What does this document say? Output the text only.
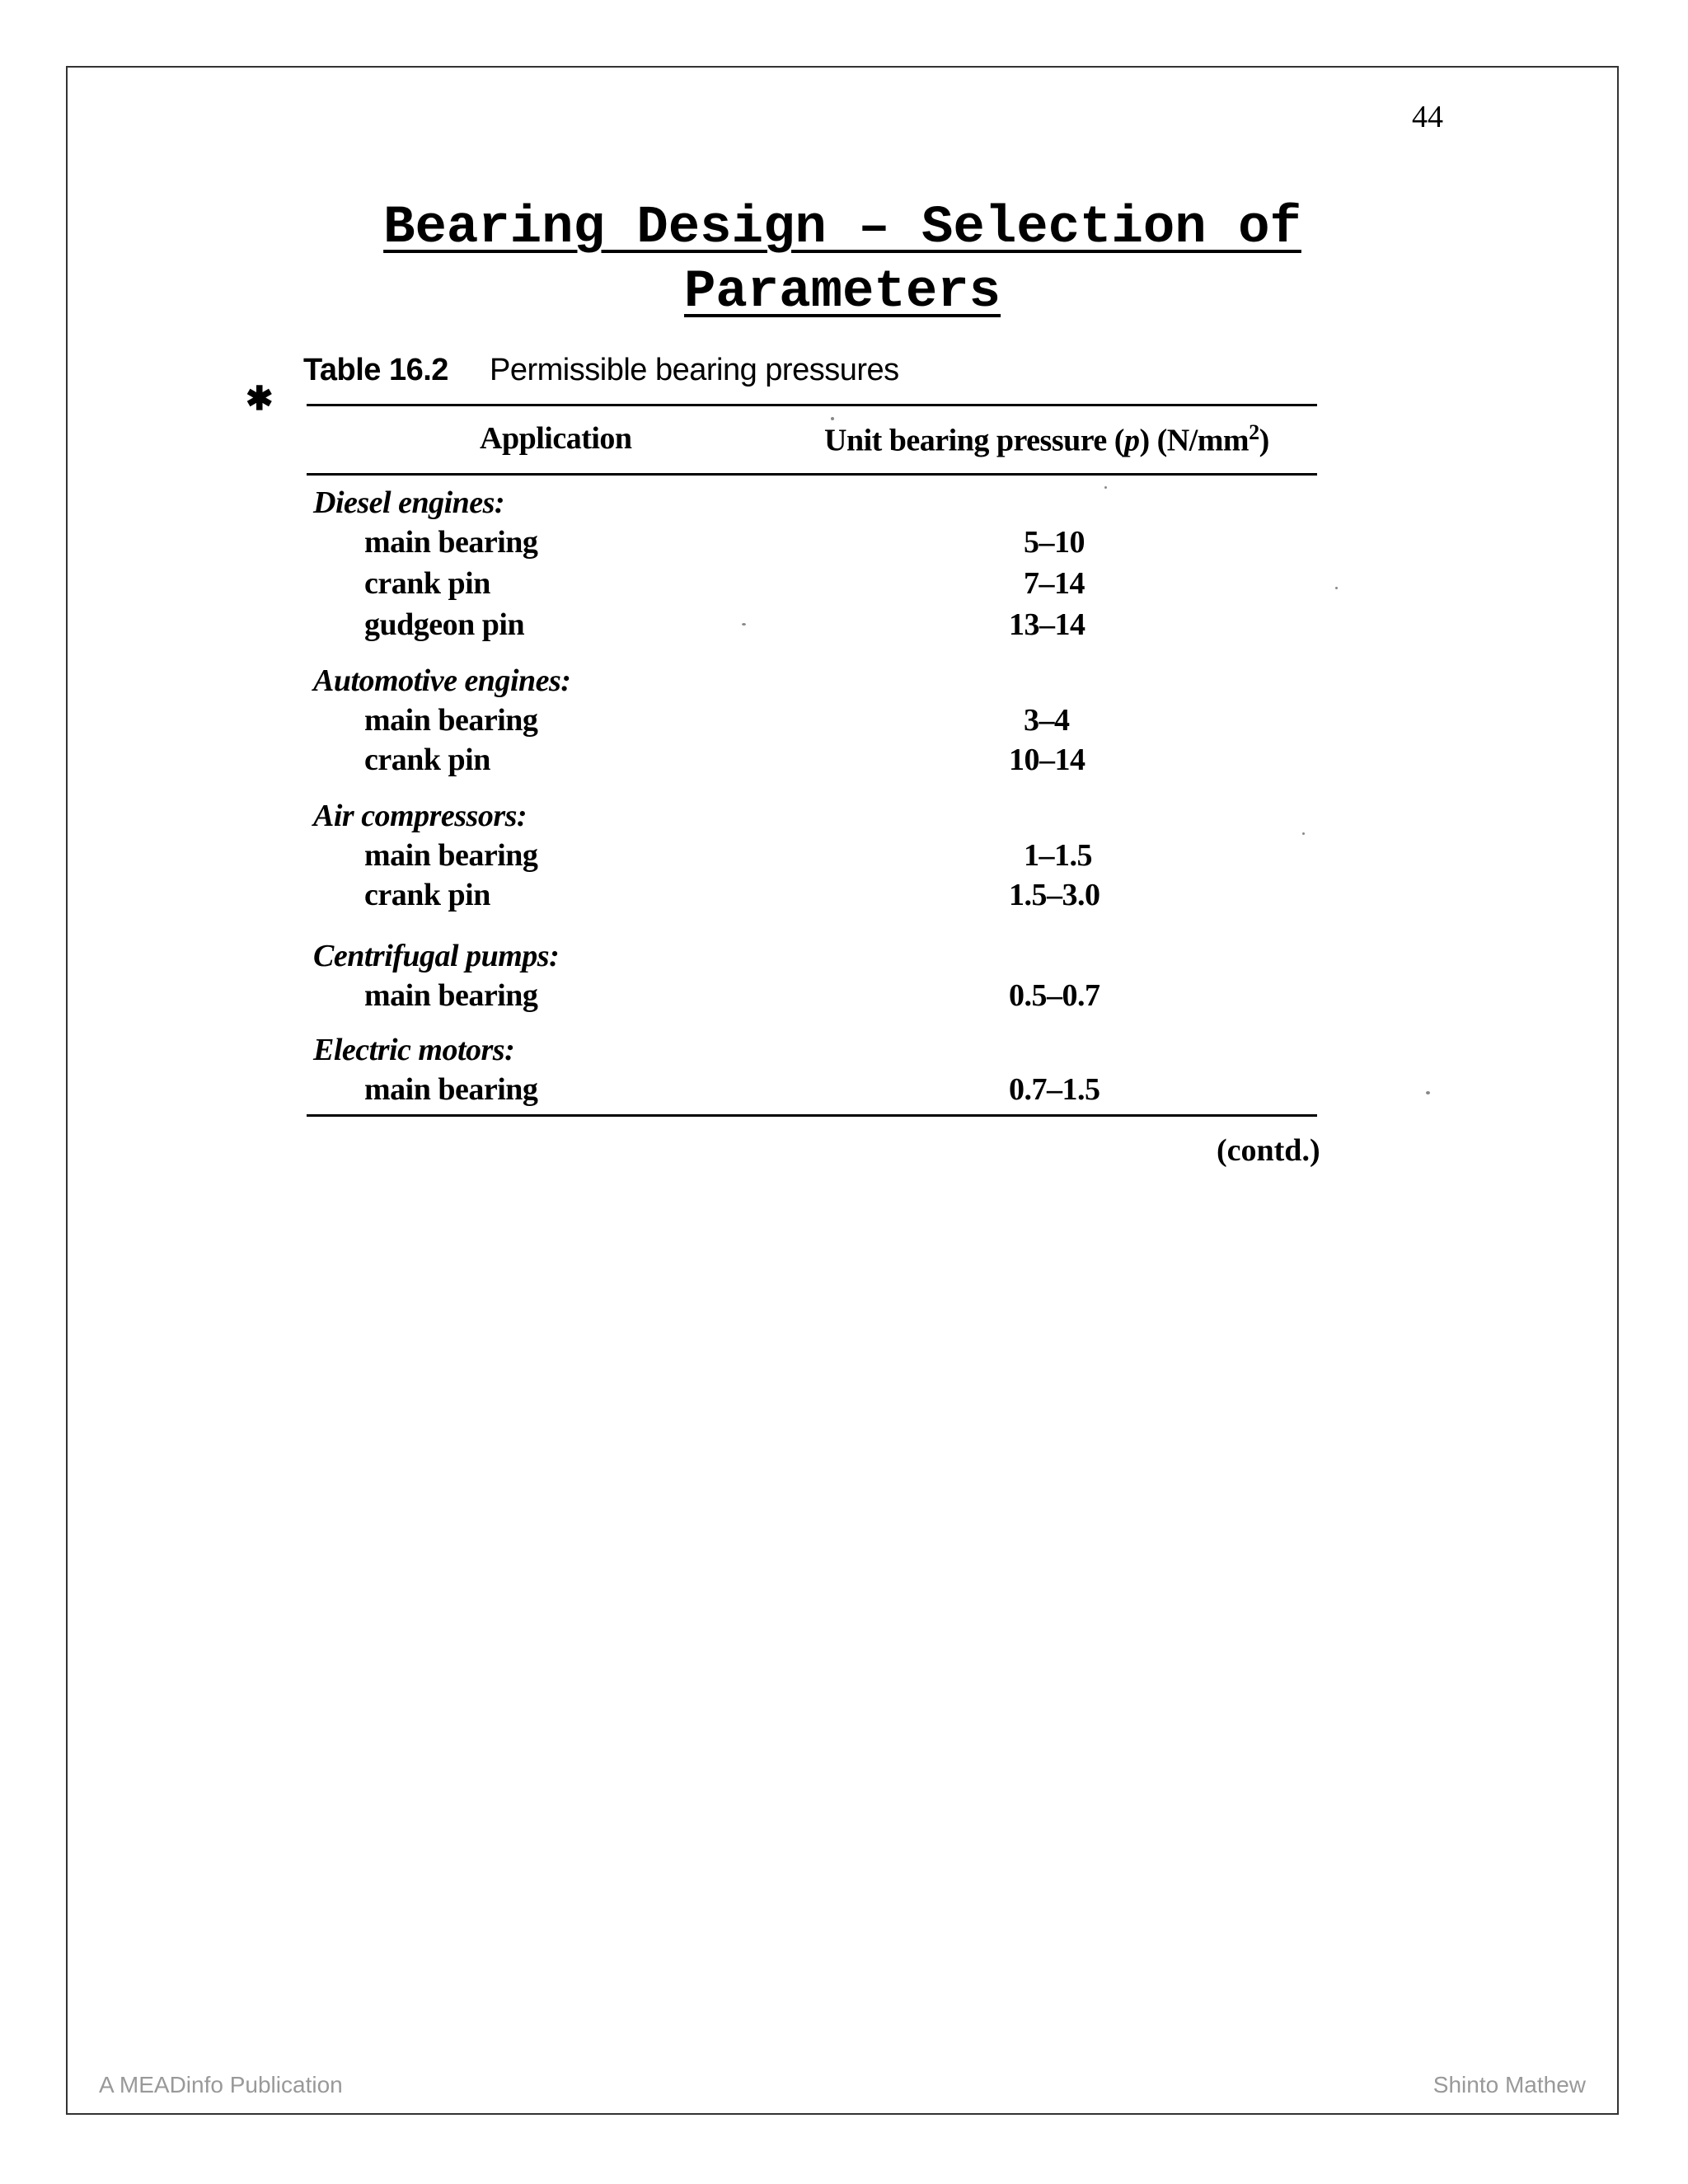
44
Bearing Design – Selection of
Parameters
✱
Table 16.2 Permissible bearing pressures
Application	Unit bearing pressure (p) $(N/mm^2)$
Diesel engines:
main bearing	5–10
crank pin	7–14
gudgeon pin	13–14
Automotive engines:
main bearing	3–4
crank pin	10–14
Air compressors:
main bearing	1–1.5
crank pin	1.5–3.0
Centrifugal pumps:
main bearing	0.5–0.7
Electric motors:
main bearing	0.7–1.5
(contd.)
A MEADinfo Publication	Shinto Mathew
